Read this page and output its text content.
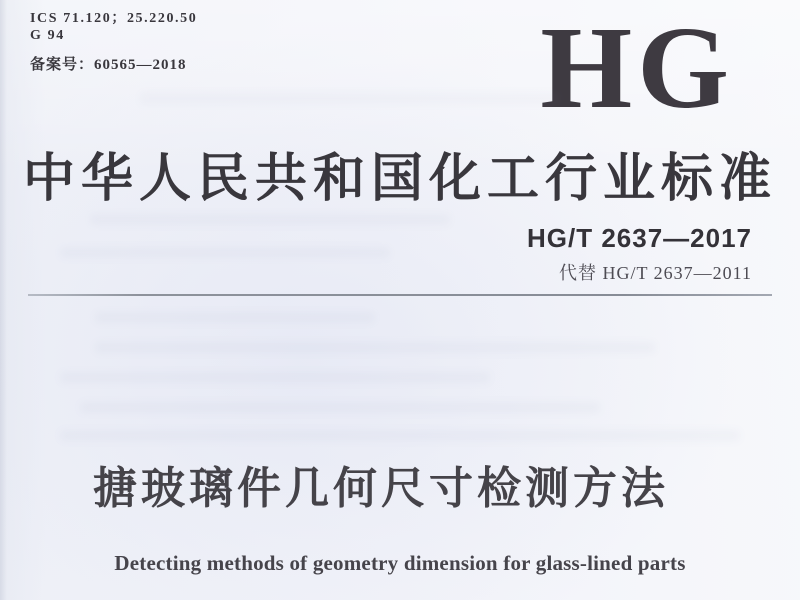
ICS 71.120；25.220.50
G 94
备案号：60565—2018	HG
中华人民共和国化工行业标准
HG/T 2637—2017
代替 HG/T 2637—2011
搪玻璃件几何尺寸检测方法
Detecting methods of geometry dimension for glass-lined parts
